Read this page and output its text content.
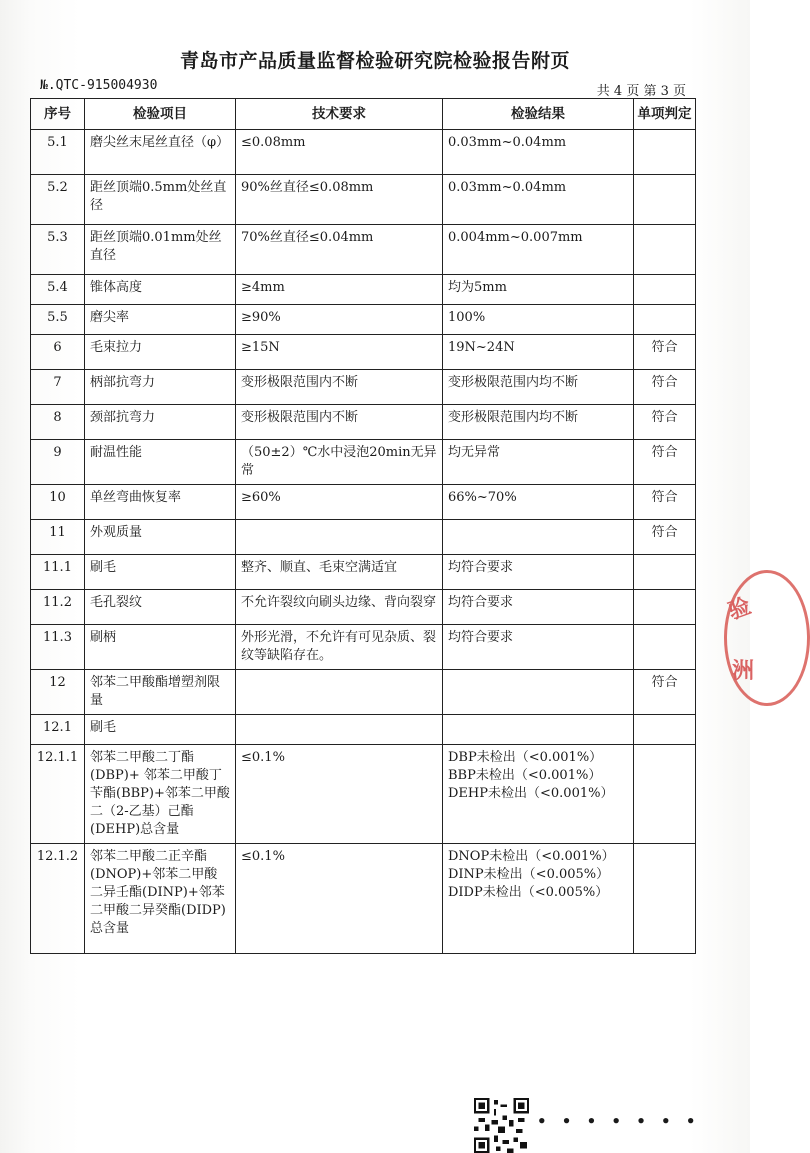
青岛市产品质量监督检验研究院检验报告附页
№.QTC-915004930	共 4 页 第 3 页
序号	检验项目	技术要求	检验结果	单项判定
5.1	磨尖丝末尾丝直径（φ）	≤0.08mm	0.03mm~0.04mm	
5.2	距丝顶端0.5mm处丝直径	90%丝直径≤0.08mm	0.03mm~0.04mm	
5.3	距丝顶端0.01mm处丝直径	70%丝直径≤0.04mm	0.004mm~0.007mm	
5.4	锥体高度	≥4mm	均为5mm	
5.5	磨尖率	≥90%	100%	
6	毛束拉力	≥15N	19N~24N	符合
7	柄部抗弯力	变形极限范围内不断	变形极限范围内均不断	符合
8	颈部抗弯力	变形极限范围内不断	变形极限范围内均不断	符合
9	耐温性能	（50±2）℃水中浸泡20min无异常	均无异常	符合
10	单丝弯曲恢复率	≥60%	66%~70%	符合
11	外观质量			符合
11.1	刷毛	整齐、顺直、毛束空满适宜	均符合要求	
11.2	毛孔裂纹	不允许裂纹向刷头边缘、背向裂穿	均符合要求	
11.3	刷柄	外形光滑，不允许有可见杂质、裂纹等缺陷存在。	均符合要求	
12	邻苯二甲酸酯增塑剂限量			符合
12.1	刷毛			
12.1.1	邻苯二甲酸二丁酯(DBP)+ 邻苯二甲酸丁苄酯(BBP)+邻苯二甲酸二（2-乙基）己酯(DEHP)总含量	≤0.1%	DBP未检出（<0.001%）
BBP未检出（<0.001%）
DEHP未检出（<0.001%）	
12.1.2	邻苯二甲酸二正辛酯(DNOP)+邻苯二甲酸二异壬酯(DINP)+邻苯二甲酸二异癸酯(DIDP) 总含量	≤0.1%	DNOP未检出（<0.001%）
DINP未检出（<0.005%）
DIDP未检出（<0.005%）	
验
洲
• • • • • • •
